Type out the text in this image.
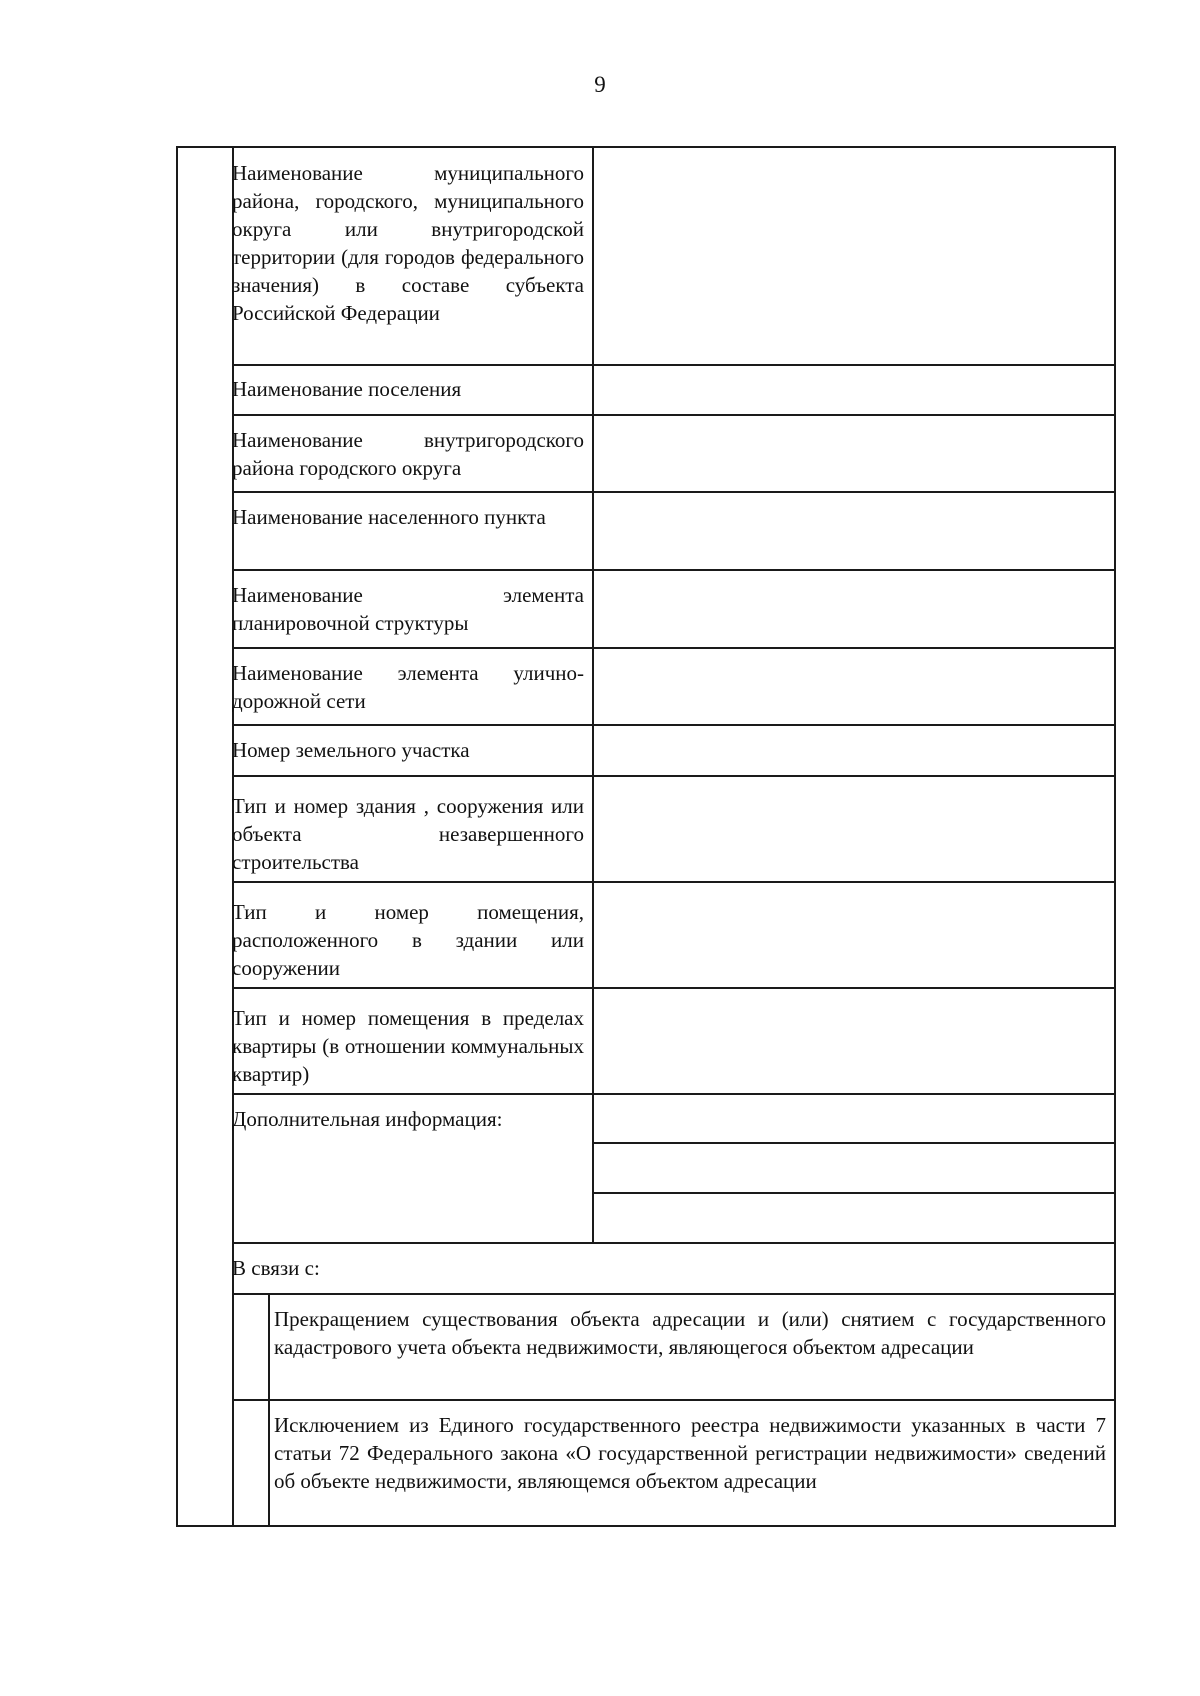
9
Наименование муниципального района, городского, муниципального округа или внутригородской территории (для городов федерального значения) в составе субъекта Российской Федерации
Наименование поселения
Наименование внутригородского района городского округа
Наименование населенного пункта
Наименование элемента планировочной структуры
Наименование элемента улично-дорожной сети
Номер земельного участка
Тип и номер здания , сооружения или объекта незавершенного строительства
Тип и номер помещения, расположенного в здании или сооружении
Тип и номер помещения в пределах квартиры (в отношении коммунальных квартир)
Дополнительная информация:
В связи с:
Прекращением существования объекта адресации и (или) снятием с государственного кадастрового учета объекта недвижимости, являющегося объектом адресации
Исключением из Единого государственного реестра недвижимости указанных в части 7 статьи 72 Федерального закона «О государственной регистрации недвижимости» сведений об объекте недвижимости, являющемся объектом адресации
